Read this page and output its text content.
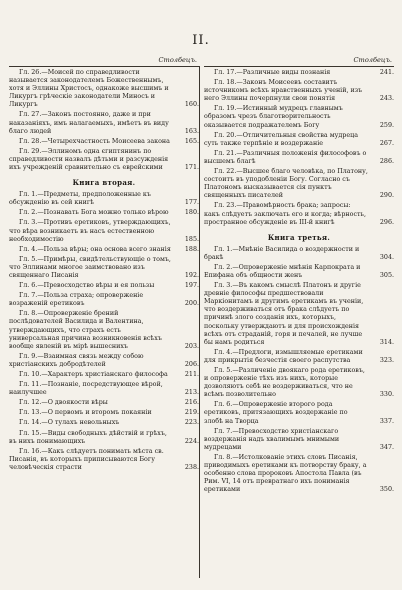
II.
Столбецъ.
Гл. 26.—Моисей по справедливости называется законодателемъ Божественнымъ, хотя и Эллины Христосъ, однакоже высшимъ и Ликургъ грѣческіе законодатели Миносъ и Ликургъ	160.
Гл. 27.—Законъ постоянно, даже и при наказаніяхъ, имъ налагаемыхъ, имѣетъ въ виду благо людей	163.
Гл. 28.—Четырехчастность Моисеева закона	165.
Гл. 29.—Эллиномъ одна єгиптянинъ по справедливости назвалъ дѣтьми и разсужденія ихъ учрежденій сравнительно съ еврейскими	171.
Книга вторая.
Гл. 1.—Предметы, предположенные къ обсужденію въ сей книгѣ	177.
Гл. 2.—Познавать Бога можно только вѣрою	180.
Гл. 3.—Противъ еретиковъ, утверждающихъ, что вѣра возникаетъ въ насъ естественною необходимостію	185.
Гл. 4.—Польза вѣры; она основа всего знанія	188.
Гл. 5.—Примѣры, свидѣтельствующіе о томъ, что Эллинами многое заимствовано изъ священнаго Писанія	192.
Гл. 6.—Превосходство вѣры и ея пользы	197.
Гл. 7.—Польза страха; опроверженіе возраженій еретиковъ	200.
Гл. 8.—Опроверженіе брений послѣдователей Василида и Валентина, утверждающихъ, что страхъ есть универсальная причина возникновенія всѣхъ вообще явленій въ мірѣ вышеснихъ	203.
Гл. 9.—Взаимная связь между собою христіанскихъ добродѣтелей	206.
Гл. 10.—Характеръ христіанскаго философа	211.
Гл. 11.—Познаніе, посредствующее вѣрой, наилучшее	213.
Гл. 12.—О двоякости вѣры	216.
Гл. 13.—О первомъ и второмъ покаяніи	219.
Гл. 14.—О тулахъ невольныхъ	223.
Гл. 15.—Виды свободныхъ дѣйствій и грѣхъ, въ нихъ понимающихъ	224.
Гл. 16.—Какъ слѣдуетъ понимать мѣста св. Писанія, въ которыхъ приписываются Богу человѣческія страсти	238.
Столбецъ.
Гл. 17.—Различные виды познанія	241.
Гл. 18.—Законъ Моисеевъ составитъ источникомъ всѣхъ нравственныхъ ученій, изъ него Эллины почерпнули свои понятія	243.
Гл. 19.—Истинный мудрецъ главнымъ образомъ чрезъ благотворительность оказывается подражателемъ Богу	259.
Гл. 20.—Отличительныя свойства мудреца суть также терпѣніе и воздержаніе	267.
Гл. 21.—Различныя положенія философовъ о высшемъ благѣ	286.
Гл. 22.—Высшее благо человѣка, по Платону, состоитъ въ уподобленіи Богу. Согласно съ Платономъ высказывается сія пунктъ священныхъ писателей	290.
Гл. 23.—Правомѣрность брака; запросы: какъ слѣдуетъ заключать его и когда; вѣрность, пространное обсужденіе въ III-й книгѣ	296.
Книга третья.
Гл. 1.—Мнѣніе Василида о воздержности и бракѣ	304.
Гл. 2.—Опроверженіе мнѣнія Карпократа и Епифана объ общности женъ	305.
Гл. 3.—Въ какомъ смыслѣ Платонъ и другіе древніе философы предшествовали Маркіонитамъ и другимъ еретикамъ въ ученіи, что воздерживаться отъ брака слѣдуетъ по причинѣ злого созданія ихъ, которыхъ, поскольку утверждаютъ и для происхожденія всѣхъ отъ страданій, горя и печалей, не лучше бы намъ родиться	314.
Гл. 4.—Предлоги, измышляемые еретиками для прикрытія безчестія своего распутства	323.
Гл. 5.—Различеніе двоякаго рода еретиковъ, и опроверженіе тѣхъ изъ нихъ, которые дозволяютъ себѣ не воздерживаться, что не всѣмъ позволительно	330.
Гл. 6.—Опроверженіе второго рода еретиковъ, притязающихъ воздержаніе по злобѣ на Творца	337.
Гл. 7.—Превосходство христіанскаго воздержанія надъ хвалимымъ мнимыми мудрецами	347.
Гл. 8.—Истолкованіе этихъ словъ Писанія, приводимыхъ еретиками къ потворству браку, а особенно слова пророковъ Апостола Павла (въ Рим. VI, 14 отъ превратнаго ихъ пониманія еретиками	350.
